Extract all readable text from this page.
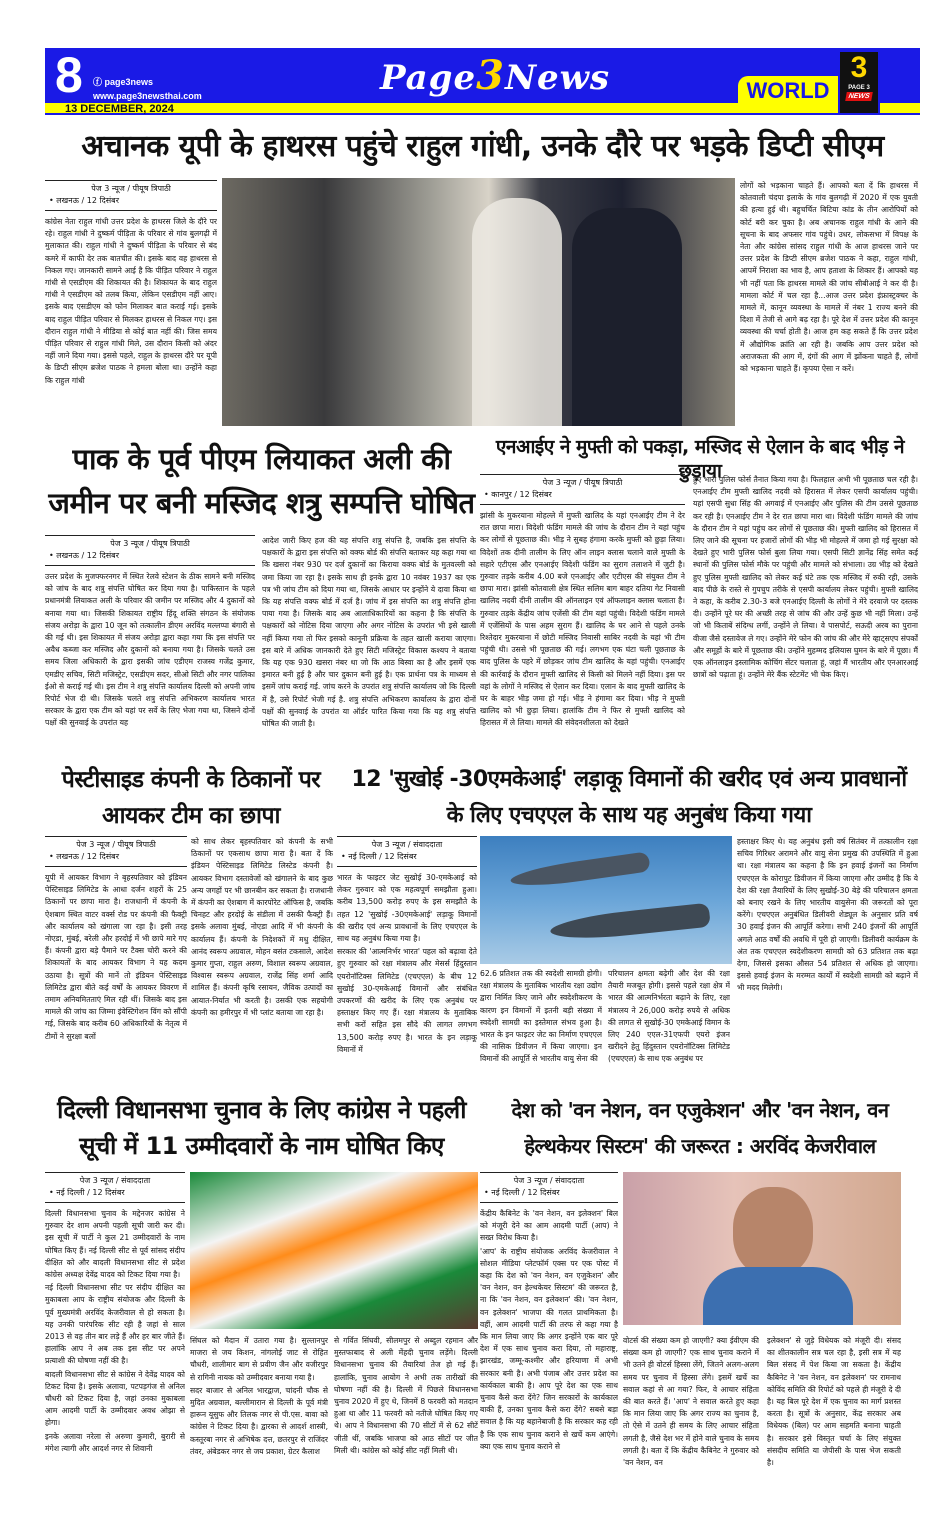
8 ⓕ page3news
www.page3newsthai.com
13 DECEMBER, 2024
Page3News	WORLD
3
PAGE 3
NEWS
अचानक यूपी के हाथरस पहुंचे राहुल गांधी, उनके दौरे पर भड़के डिप्टी सीएम
पेज 3 न्यूज / पीयूष त्रिपाठी
• लखनऊ / 12 दिसंबर

कांग्रेस नेता राहुल गांधी उत्तर प्रदेश के हाथरस जिले के दौरे पर रहे। राहुल गांधी ने दुष्कर्म पीड़िता के परिवार से गांव बुलगढ़ी में मुलाकात की। राहुल गांधी ने दुष्कर्म पीड़िता के परिवार से बंद कमरे में काफी देर तक बातचीत की। इसके बाद वह हाथरस से निकल गए। जानकारी सामने आई है कि पीड़ित परिवार ने राहुल गांधी से एसडीएम की शिकायत की है। शिकायत के बाद राहुल गांधी ने एसडीएम को तलब किया, लेकिन एसडीएम नहीं आए। इसके बाद एसडीएम को फोन मिलाकर बात कराई गई। इसके बाद राहुल पीड़ित परिवार से मिलकर हाथरस से निकल गए। इस दौरान राहुल गांधी ने मीडिया से कोई बात नहीं की। जिस समय पीड़ित परिवार से राहुल गांधी मिले, उस दौरान किसी को अंदर नहीं जाने दिया गया। इससे पहले, राहुल के हाथरस दौरे पर यूपी के डिप्टी सीएम ब्रजेश पाठक ने हमला बोला था। उन्होंने कहा कि राहुल गांधी

लोगों को भड़काना चाहते हैं। आपको बता दें कि हाथरस में कोतवाली चंदपा इलाके के गांव बुलगढ़ी में 2020 में एक युवती की हत्या हुई थी। बहुचर्चित बिटिया कांड के तीन आरोपियों को कोर्ट बरी कर चुका है। अब अचानक राहुल गांधी के आने की सूचना के बाद अफसर गांव पहुंचे। उधर, लोकसभा में विपक्ष के नेता और कांग्रेस सांसद राहुल गांधी के आज हाथरस जाने पर उत्तर प्रदेश के डिप्टी सीएम ब्रजेश पाठक ने कहा, राहुल गांधी, आपमें निराशा का भाव है, आप हताशा के शिकार हैं। आपको यह भी नहीं पता कि हाथरस मामले की जांच सीबीआई ने कर दी है। मामला कोर्ट में चल रहा है...आज उत्तर प्रदेश इंफ्रास्ट्रक्चर के मामले में, कानून व्यवस्था के मामले में नंबर 1 राज्य बनने की दिशा में तेजी से आगे बढ़ रहा है। पूरे देश में उत्तर प्रदेश की कानून व्यवस्था की चर्चा होती है। आज हम कह सकते हैं कि उत्तर प्रदेश में औद्योगिक क्रांति आ रही है। जबकि आप उत्तर प्रदेश को अराजकता की आग में, दंगों की आग में झोंकना चाहते हैं, लोगों को भड़काना चाहते हैं। कृपया ऐसा न करें।
पाक के पूर्व पीएम लियाकत अली की जमीन पर बनी मस्जिद शत्रु सम्पत्ति घोषित
पेज 3 न्यूज / पीयूष त्रिपाठी
• लखनऊ / 12 दिसंबर

उत्तर प्रदेश के मुजफ्फरनगर में स्थित रेलवे स्टेशन के ठीक सामने बनी मस्जिद को जांच के बाद शत्रु संपत्ति घोषित कर दिया गया है। पाकिस्तान के पहले प्रधानमंत्री लियाकत अली के परिवार की जमीन पर मस्जिद और 4 दुकानों को बनाया गया था। जिसकी शिकायत राष्ट्रीय हिंदू शक्ति संगठन के संयोजक संजय अरोड़ा के द्वारा 10 जून को तत्कालीन डीएम अरविंद मल्लप्पा बंगारी से की गई थी। इस शिकायत में संजय अरोड़ा द्वारा कहा गया कि इस संपत्ति पर अवैध कब्जा कर मस्जिद और दुकानों को बनाया गया है। जिसके चलते उस समय जिला अधिकारी के द्वारा इसकी जांच एडीएम राजस्व गजेंद्र कुमार, एमडीए सचिव, सिटी मजिस्ट्रेट, एसडीएम सदर, सीओ सिटी और नगर पालिका ईओ से कराई गई थी। इस टीम ने शत्रु संपत्ति कार्यालय दिल्ली को अपनी जांच रिपोर्ट भेज दी थी। जिसके चलते शत्रु संपत्ति अभिकरण कार्यालय भारत सरकार के द्वारा एक टीम को यहां पर सर्वे के लिए भेजा गया था, जिसने दोनों पक्षों की सुनवाई के उपरांत यह

आदेश जारी किए हज की यह संपत्ति शत्रु संपत्ति है, जबकि इस संपत्ति के पक्षकारों के द्वारा इस संपत्ति को वक्फ बोर्ड की संपत्ति बताकर यह कहा गया था कि खसरा नंबर 930 पर दर्ज दुकानों का किराया वक्फ बोर्ड के मुतवल्ली को जमा किया जा रहा है। इसके साथ ही इनके द्वारा 10 नवंबर 1937 का एक पत्र भी जांच टीम को दिया गया था, जिसके आधार पर इन्होंने ये दावा किया था कि यह संपत्ति वक्फ बोर्ड में दर्ज है। जांच में इस संपत्ति का शत्रु संपत्ति होना पाया गया है। जिसके बाद अब आलाधिकारियों का कहना है कि संपत्ति के पक्षकारों को नोटिस दिया जाएगा और अगर नोटिस के उपरांत भी इसे खाली नहीं किया गया तो फिर इसको कानूनी प्रक्रिया के तहत खाली कराया जाएगा। इस बारे में अधिक जानकारी देते हुए सिटी मजिस्ट्रेट विकास कश्यप ने बताया कि यह एक 930 खसरा नंबर था जो कि आठ बिस्वा का है और इसमें एक इमारत बनी हुई है और चार दुकान बनी हुई है। एक प्रार्थना पत्र के माध्यम से इसमें जांच कराई गई. जांच करने के उपरांत शत्रु संपत्ति कार्यालय जो कि दिल्ली में है, उसे रिपोर्ट भेजी गई है. शत्रु संपत्ति अभिकरण कार्यालय के द्वारा दोनों पक्षों की सुनवाई के उपरांत या ऑर्डर पारित किया गया कि यह शत्रु संपत्ति घोषित की जाती है।
एनआईए ने मुफ्ती को पकड़ा, मस्जिद से ऐलान के बाद भीड़ ने छुड़ाया
पेज 3 न्यूज / पीयूष त्रिपाठी
• कानपुर / 12 दिसंबर

झांसी के मुकरयाना मोहल्ले में मुफ्ती खालिद के यहां एनआईए टीम ने देर रात छापा मारा। विदेशी फंडिंग मामले की जांच के दौरान टीम ने यहां पहुंच कर लोगों से पूछताछ की। भीड़ ने सुबह हंगामा करके मुफ्ती को छुड़ा लिया। विदेशों तक दीनी तालीम के लिए ऑन लाइन क्लास चलाने वाले मुफ्ती के सहारे एटीएस और एनआईए विदेशी फंडिंग का सुराग तलाशने में जुटी है। गुरुवार तड़के करीब 4.00 बजे एनआईए और एटीएस की संयुक्त टीम ने छापा मारा। झांसी कोतवाली क्षेत्र स्थित सलिम बाग बाहर दतिया गेट निवासी खालिद नदवी दीनी तालीम की ऑनलाइन एवं ऑफलाइन क्लास चलाता है। गुरुवार तड़के केंद्रीय जांच एजेंसी की टीम यहां पहुंची। विदेशी फंडिंग मामले में एजेंसियों के पास अहम सुराग हैं। खालिद के घर आने से पहले उनके रिश्तेदार मुकरयाना में छोटी मस्जिद निवासी साबिर नदवी के यहां भी टीम पहुंची थी। उससे भी पूछताछ की गई। लगभग एक घंटा चली पूछताछ के बाद पुलिस के पहरे में छोड़कर जांच टीम खालिद के यहां पहुंची। एनआईए की कार्रवाई के दौरान मुफ्ती खालिद से किसी को मिलने नहीं दिया। इस पर वहां के लोगों ने मस्जिद से ऐलान कर दिया। एलान के बाद मुफ्ती खालिद के घर के बाहर भीड़ जमा हो गई। भीड़ ने हंगामा कर दिया। भीड़ ने मुफ्ती खालिद को भी छुड़ा लिया। हालांकि टीम ने फिर से मुफ्ती खालिद को हिरासत में ले लिया। मामले की संवेदनशीलता को देखते

हुए भारी पुलिस फोर्स तैनात किया गया है। फिलहाल अभी भी पूछताछ चल रही है। एनआईए टीम मुफ्ती खालिद नदवी को हिरासत में लेकर एसपी कार्यालय पहुंची। यहां एसपी सुधा सिंह की अगवाई में एनआईए और पुलिस की टीम उससे पूछताछ कर रही है। एनआईए टीम ने देर रात छापा मारा था। विदेशी फंडिंग मामले की जांच के दौरान टीम ने यहां पहुंच कर लोगों से पूछताछ की। मुफ्ती खालिद को हिरासत में लिए जाने की सूचना पर हजारों लोगों की भीड़ भी मोहल्ले में जमा हो गई सुरक्षा को देखते हुए भारी पुलिस फोर्स बुला लिया गया। एसपी सिटी ज्ञानेंद्र सिंह समेत कई स्थानों की पुलिस फोर्स मौके पर पहुंची और मामले को संभाला। उग्र भीड़ को देखते हुए पुलिस मुफ्ती खालिद को लेकर कई घंटे तक एक मस्जिद में रुकी रही, उसके बाद पीछे के रास्ते से गुपचुप तरीके से एसपी कार्यालय लेकर पहुंची। मुफ्ती खालिद ने कहा, के करीब 2.30-3 बजे एनआईए दिल्ली के लोगों ने मेरे दरवाजे पर दस्तक दी। उन्होंने पूरे घर की अच्छी तरह से जांच की और उन्हें कुछ भी नहीं मिला। उन्हें जो भी किताबें संदिग्ध लगीं, उन्होंने ले लिया। वे पासपोर्ट, सऊदी अरब का पुराना वीजा जैसे दस्तावेज ले गए। उन्होंने मेरे फोन की जांच की और मेरे व्हाट्सएप संपर्कों और समूहों के बारे में पूछताछ की। उन्होंने मुहम्मद इलियास घुमन के बारे में पूछा। मैं एक ऑनलाइन इस्लामिक कोचिंग सेंटर चलाता हूं, जहां मैं भारतीय और एनआरआई छात्रों को पढ़ाता हूं। उन्होंने मेरे बैंक स्टेटमेंट भी चेक किए।
पेस्टीसाइड कंपनी के ठिकानों पर आयकर टीम का छापा
पेज 3 न्यूज / पीयूष त्रिपाठी
• लखनऊ / 12 दिसंबर

यूपी में आयकर विभाग ने बृहस्पतिवार को इंडियन पेस्टिसाइड लिमिटेड के आधा दर्जन शहरों के 25 ठिकानों पर छापा मारा है। राजधानी में कंपनी के ऐशबाग स्थित वाटर वर्क्स रोड पर कंपनी की फैक्ट्री और कार्यालय को खंगाला जा रहा है। इसी तरह नोएडा, मुंबई, बरेली और हरदोई में भी छापे मारे गए हैं। कंपनी द्वारा बड़े पैमाने पर टैक्स चोरी करने की शिकायतों के बाद आयकर विभाग ने यह कदम उठाया है। सूत्रों की मानें तो इंडियन पेस्टिसाइड लिमिटेड द्वारा बीते कई वर्षों के आयकर विवरण में तमाम अनियमितताएं मिल रही थीं। जिसके बाद इस मामले की जांच का जिम्मा इंवेस्टिगेशन विंग को सौंपी गई, जिसके बाद करीब 60 अधिकारियों के नेतृत्व में टीमों ने सुरक्षा बलों

को साथ लेकर बृहस्पतिवार को कंपनी के सभी ठिकानों पर एकसाथ छापा मारा है। बता दें कि इंडियन पेस्टिसाइड लिमिटेड लिस्टेड कंपनी है। आयकर विभाग दस्तावेजों को खंगालने के बाद कुछ अन्य जगहों पर भी छानबीन कर सकता है। राजधानी में कंपनी का ऐशबाग में कारपोरेट ऑफिस है, जबकि चिनहट और हरदोई के संडीला में उसकी फैक्ट्री हैं। इसके अलावा मुंबई, नोएडा आदि में भी कंपनी के कार्यालय हैं। कंपनी के निदेशकों में मधु दीक्षित, आनंद स्वरूप अग्रवाल, मोहन बसंत टकसाले, आदेश कुमार गुप्ता, राहुल अरुण, विशाल स्वरूप अग्रवाल, विश्वास स्वरूप अग्रवाल, राजेंद्र सिंह शर्मा आदि शामिल हैं। कंपनी कृषि रसायन, जैविक उत्पादों का आयात-निर्यात भी करती है। उसकी एक सहयोगी कंपनी का हमीरपुर में भी प्लांट बताया जा रहा है।
12 'सुखोई -30एमकेआई' लड़ाकू विमानों की खरीद एवं अन्य प्रावधानों के लिए एचएएल के साथ यह अनुबंध किया गया
पेज 3 न्यूज / संवाददाता
• नई दिल्ली / 12 दिसंबर

भारत के फाइटर जेट सुखोई 30-एमकेआई को लेकर गुरुवार को एक महत्वपूर्ण समझौता हुआ। करीब 13,500 करोड़ रुपए के इस समझौते के तहत 12 'सुखोई -30एमकेआई' लड़ाकू विमानों की खरीद एवं अन्य प्रावधानों के लिए एचएएल के साथ यह अनुबंध किया गया है।

सरकार की 'आत्मनिर्भर भारत' पहल को बढ़ावा देते हुए गुरुवार को रक्षा मंत्रालय और मेसर्स हिंदुस्तान एयरोनॉटिक्स लिमिटेड (एचएएल) के बीच 12 सुखोई 30-एमकेआई विमानों और संबंधित उपकरणों की खरीद के लिए एक अनुबंध पर हस्ताक्षर किए गए हैं। रक्षा मंत्रालय के मुताबिक सभी करों सहित इस सौदे की लागत लगभग 13,500 करोड़ रुपए है। भारत के इन लड़ाकू विमानों में

62.6 प्रतिशत तक की स्वदेशी सामग्री होगी। रक्षा मंत्रालय के मुताबिक भारतीय रक्षा उद्योग द्वारा निर्मित किए जाने और स्वदेशीकरण के कारण इन विमानों में इतनी बड़ी संख्या में स्वदेशी सामग्री का इस्तेमाल संभव हुआ है। भारत के इन फाइटर जेट का निर्माण एचएएल की नासिक डिवीजन में किया जाएगा। इन विमानों की आपूर्ति से भारतीय वायु सेना की
परिचालन क्षमता बढ़ेगी और देश की रक्षा तैयारी मजबूत होगी। इससे पहले रक्षा क्षेत्र में भारत की आत्मनिर्भरता बढ़ाने के लिए, रक्षा मंत्रालय ने 26,000 करोड़ रुपये से अधिक की लागत से सुखोई-30 एमकेआई विमान के लिए 240 एएल-31एफपी एयरो इंजन खरीदने हेतु हिंदुस्तान एयरोनॉटिक्स लिमिटेड (एचएएल) के साथ एक अनुबंध पर
हस्ताक्षर किए थे। यह अनुबंध इसी वर्ष सितंबर में तत्कालीन रक्षा सचिव गिरिधर अरामने और वायु सेना प्रमुख की उपस्थिति में हुआ था। रक्षा मंत्रालय का कहना है कि इन हवाई इंजनों का निर्माण एचएएल के कोरापुट डिवीजन में किया जाएगा और उम्मीद है कि ये देश की रक्षा तैयारियों के लिए सुखोई-30 बेड़े की परिचालन क्षमता को बनाए रखने के लिए भारतीय वायुसेना की जरूरतों को पूरा करेंगे। एचएएल अनुबंधित डिलीवरी शेड्यूल के अनुसार प्रति वर्ष 30 हवाई इंजन की आपूर्ति करेगा। सभी 240 इंजनों की आपूर्ति अगले आठ वर्षों की अवधि में पूरी हो जाएगी। डिलीवरी कार्यक्रम के अंत तक एचएएल स्वदेशीकरण सामग्री को 63 प्रतिशत तक बढ़ा देगा, जिससे इसका औसत 54 प्रतिशत से अधिक हो जाएगा। इससे हवाई इंजन के मरम्मत कार्यों में स्वदेशी सामग्री को बढ़ाने में भी मदद मिलेगी।
दिल्ली विधानसभा चुनाव के लिए कांग्रेस ने पहली सूची में 11 उम्मीदवारों के नाम घोषित किए
पेज 3 न्यूज / संवाददाता
• नई दिल्ली / 12 दिसंबर

दिल्ली विधानसभा चुनाव के मद्देनजर कांग्रेस ने गुरुवार देर शाम अपनी पहली सूची जारी कर दी। इस सूची में पार्टी ने कुल 21 उम्मीदवारों के नाम घोषित किए हैं। नई दिल्ली सीट से पूर्व सांसद संदीप दीक्षित को और बादली विधानसभा सीट से प्रदेश कांग्रेस अध्यक्ष देवेंद्र यादव को टिकट दिया गया है।

नई दिल्ली विधानसभा सीट पर संदीप दीक्षित का मुकाबला आप के राष्ट्रीय संयोजक और दिल्ली के पूर्व मुख्यमंत्री अरविंद केजरीवाल से हो सकता है। यह उनकी पारंपरिक सीट रही है जहां से साल 2013 से वह तीन बार लड़े हैं और हर बार जीते हैं। हालांकि आप ने अब तक इस सीट पर अपने प्रत्याशी की घोषणा नहीं की है।

बादली विधानसभा सीट से कांग्रेस ने देवेंद्र यादव को टिकट दिया है। इसके अलावा, पटपड़गंज से अनिल चौधरी को टिकट दिया है, जहां उनका मुकाबला आम आदमी पार्टी के उम्मीदवार अवध ओझा से होगा।

इनके अलावा नरेला से अरुणा कुमारी, बुरारी से मंगेश त्यागी और आदर्श नगर से शिवानी

सिंघल को मैदान में उतारा गया है। सुल्तानपुर माजरा से जय किशन, नांगलोई जाट से रोहित चौधरी, शालीमार बाग से प्रवीण जैन और वजीरपुर से रागिनी नायक को उम्मीदवार बनाया गया है।

सदर बाजार से अनिल भारद्वाज, चांदनी चौक से मुदित अग्रवाल, बल्लीमारान से दिल्ली के पूर्व मंत्री हारून यूसुफ और तिलक नगर से पी.एस. बावा को कांग्रेस ने टिकट दिया है। द्वारका से आदर्श शास्त्री, कस्तूरबा नगर से अभिषेक दत्त, छतरपुर से राजिंदर तंवर, अंबेडकर नगर से जय प्रकाश, ग्रेटर कैलाश

से गर्वित सिंघवी, सीलमपुर से अब्दुल रहमान और मुस्तफाबाद से अली मेंहदी चुनाव लड़ेंगे। दिल्ली विधानसभा चुनाव की तैयारियां तेज हो गई हैं। हालांकि, चुनाव आयोग ने अभी तक तारीखों की घोषणा नहीं की है। दिल्ली में पिछले विधानसभा चुनाव 2020 में हुए थे, जिनमें 8 फरवरी को मतदान हुआ था और 11 फरवरी को नतीजे घोषित किए गए थे। आप ने विधानसभा की 70 सीटों में से 62 सीटें जीती थीं, जबकि भाजपा को आठ सीटों पर जीत मिली थी। कांग्रेस को कोई सीट नहीं मिली थी।
देश को 'वन नेशन, वन एजुकेशन' और 'वन नेशन, वन हेल्थकेयर सिस्टम' की जरूरत : अरविंद केजरीवाल
पेज 3 न्यूज / संवाददाता
• नई दिल्ली / 12 दिसंबर

केंद्रीय कैबिनेट के 'वन नेशन, वन इलेक्शन' बिल को मंजूरी देने का आम आदमी पार्टी (आप) ने सख्त विरोध किया है।

'आप' के राष्ट्रीय संयोजक अरविंद केजरीवाल ने सोशल मीडिया प्लेटफॉर्म एक्स पर एक पोस्ट में कहा कि देश को 'वन नेशन, वन एजुकेशन' और 'वन नेशन, वन हेल्थकेयर सिस्टम' की जरूरत है, ना कि 'वन नेशन, वन इलेक्शन' की। 'वन नेशन, वन इलेक्शन' भाजपा की गलत प्राथमिकता है। वहीं, आम आदमी पार्टी की तरफ से कहा गया है कि मान लिया जाए कि अगर इन्होंने एक बार पूरे देश में एक साथ चुनाव करा दिया, तो महाराष्ट्र, झारखंड, जम्मू-कश्मीर और हरियाणा में अभी सरकार बनी है। अभी पंजाब और उत्तर प्रदेश का कार्यकाल बाकी है। आप पूरे देश का एक साथ चुनाव कैसे करा देंगे? जिन सरकारों के कार्यकाल बाकी हैं, उनका चुनाव कैसे करा देंगे? सबसे बड़ा सवाल है कि यह बहानेबाजी है कि सरकार कह रही है कि एक साथ चुनाव कराने से खर्चे कम आएंगे। क्या एक साथ चुनाव कराने से

वोटर्स की संख्या कम हो जाएगी? क्या ईवीएम की संख्या कम हो जाएगी? एक साथ चुनाव कराने में भी उतने ही वोटर्स हिस्सा लेंगे, जितने अलग-अलग समय पर चुनाव में हिस्सा लेंगे। इसमें खर्चे का सवाल कहां से आ गया? फिर, वे आचार संहिता की बात करते हैं। 'आप' ने सवाल करते हुए कहा कि मान लिया जाए कि अगर राज्य का चुनाव है, तो ऐसे में उतने ही समय के लिए आचार संहिता लगती है, जैसे देश भर में होने वाले चुनाव के समय लगती है। बता दें कि केंद्रीय कैबिनेट ने गुरुवार को 'वन नेशन, वन
इलेक्शन' से जुड़े विधेयक को मंजूरी दी। संसद का शीतकालीन सत्र चल रहा है, इसी सत्र में यह बिल संसद में पेश किया जा सकता है। केंद्रीय कैबिनेट ने 'वन नेशन, वन इलेक्शन' पर रामनाथ कोविंद समिति की रिपोर्ट को पहले ही मंजूरी दे दी है। यह बिल पूरे देश में एक चुनाव का मार्ग प्रशस्त करता है। सूत्रों के अनुसार, केंद्र सरकार अब विधेयक (बिल) पर आम सहमति बनाना चाहती है। सरकार इसे विस्तृत चर्चा के लिए संयुक्त संसदीय समिति या जेपीसी के पास भेज सकती है।
